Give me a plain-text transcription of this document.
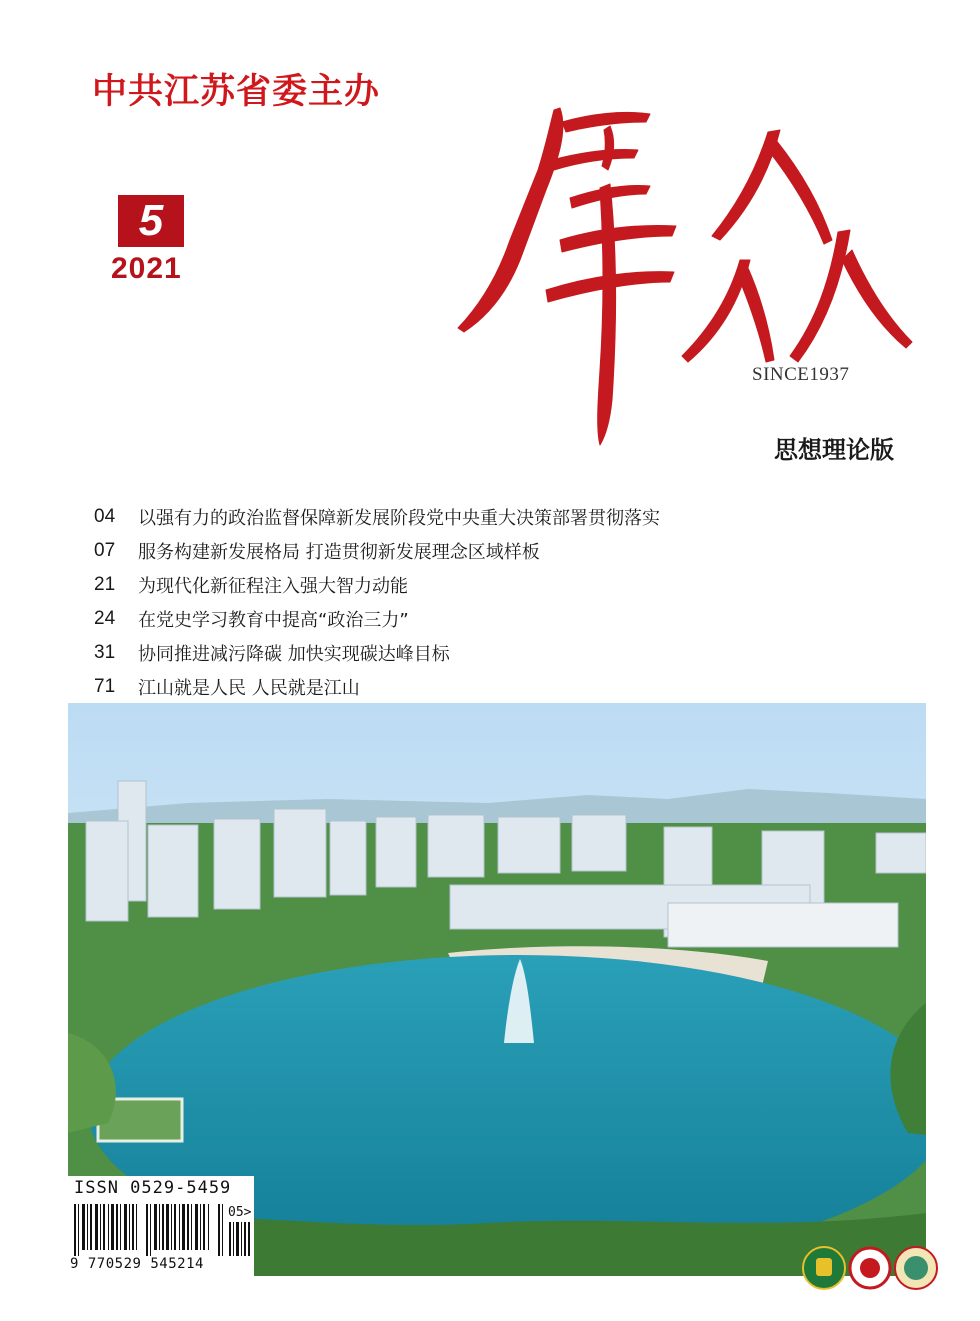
中共江苏省委主办
5
2021
SINCE1937
思想理论版
04	以强有力的政治监督保障新发展阶段党中央重大决策部署贯彻落实
07	服务构建新发展格局 打造贯彻新发展理念区域样板
21	为现代化新征程注入强大智力动能
24	在党史学习教育中提高“政治三力”
31	协同推进减污降碳 加快实现碳达峰目标
71	江山就是人民 人民就是江山
ISSN 0529-5459
05>
9 770529 545214
